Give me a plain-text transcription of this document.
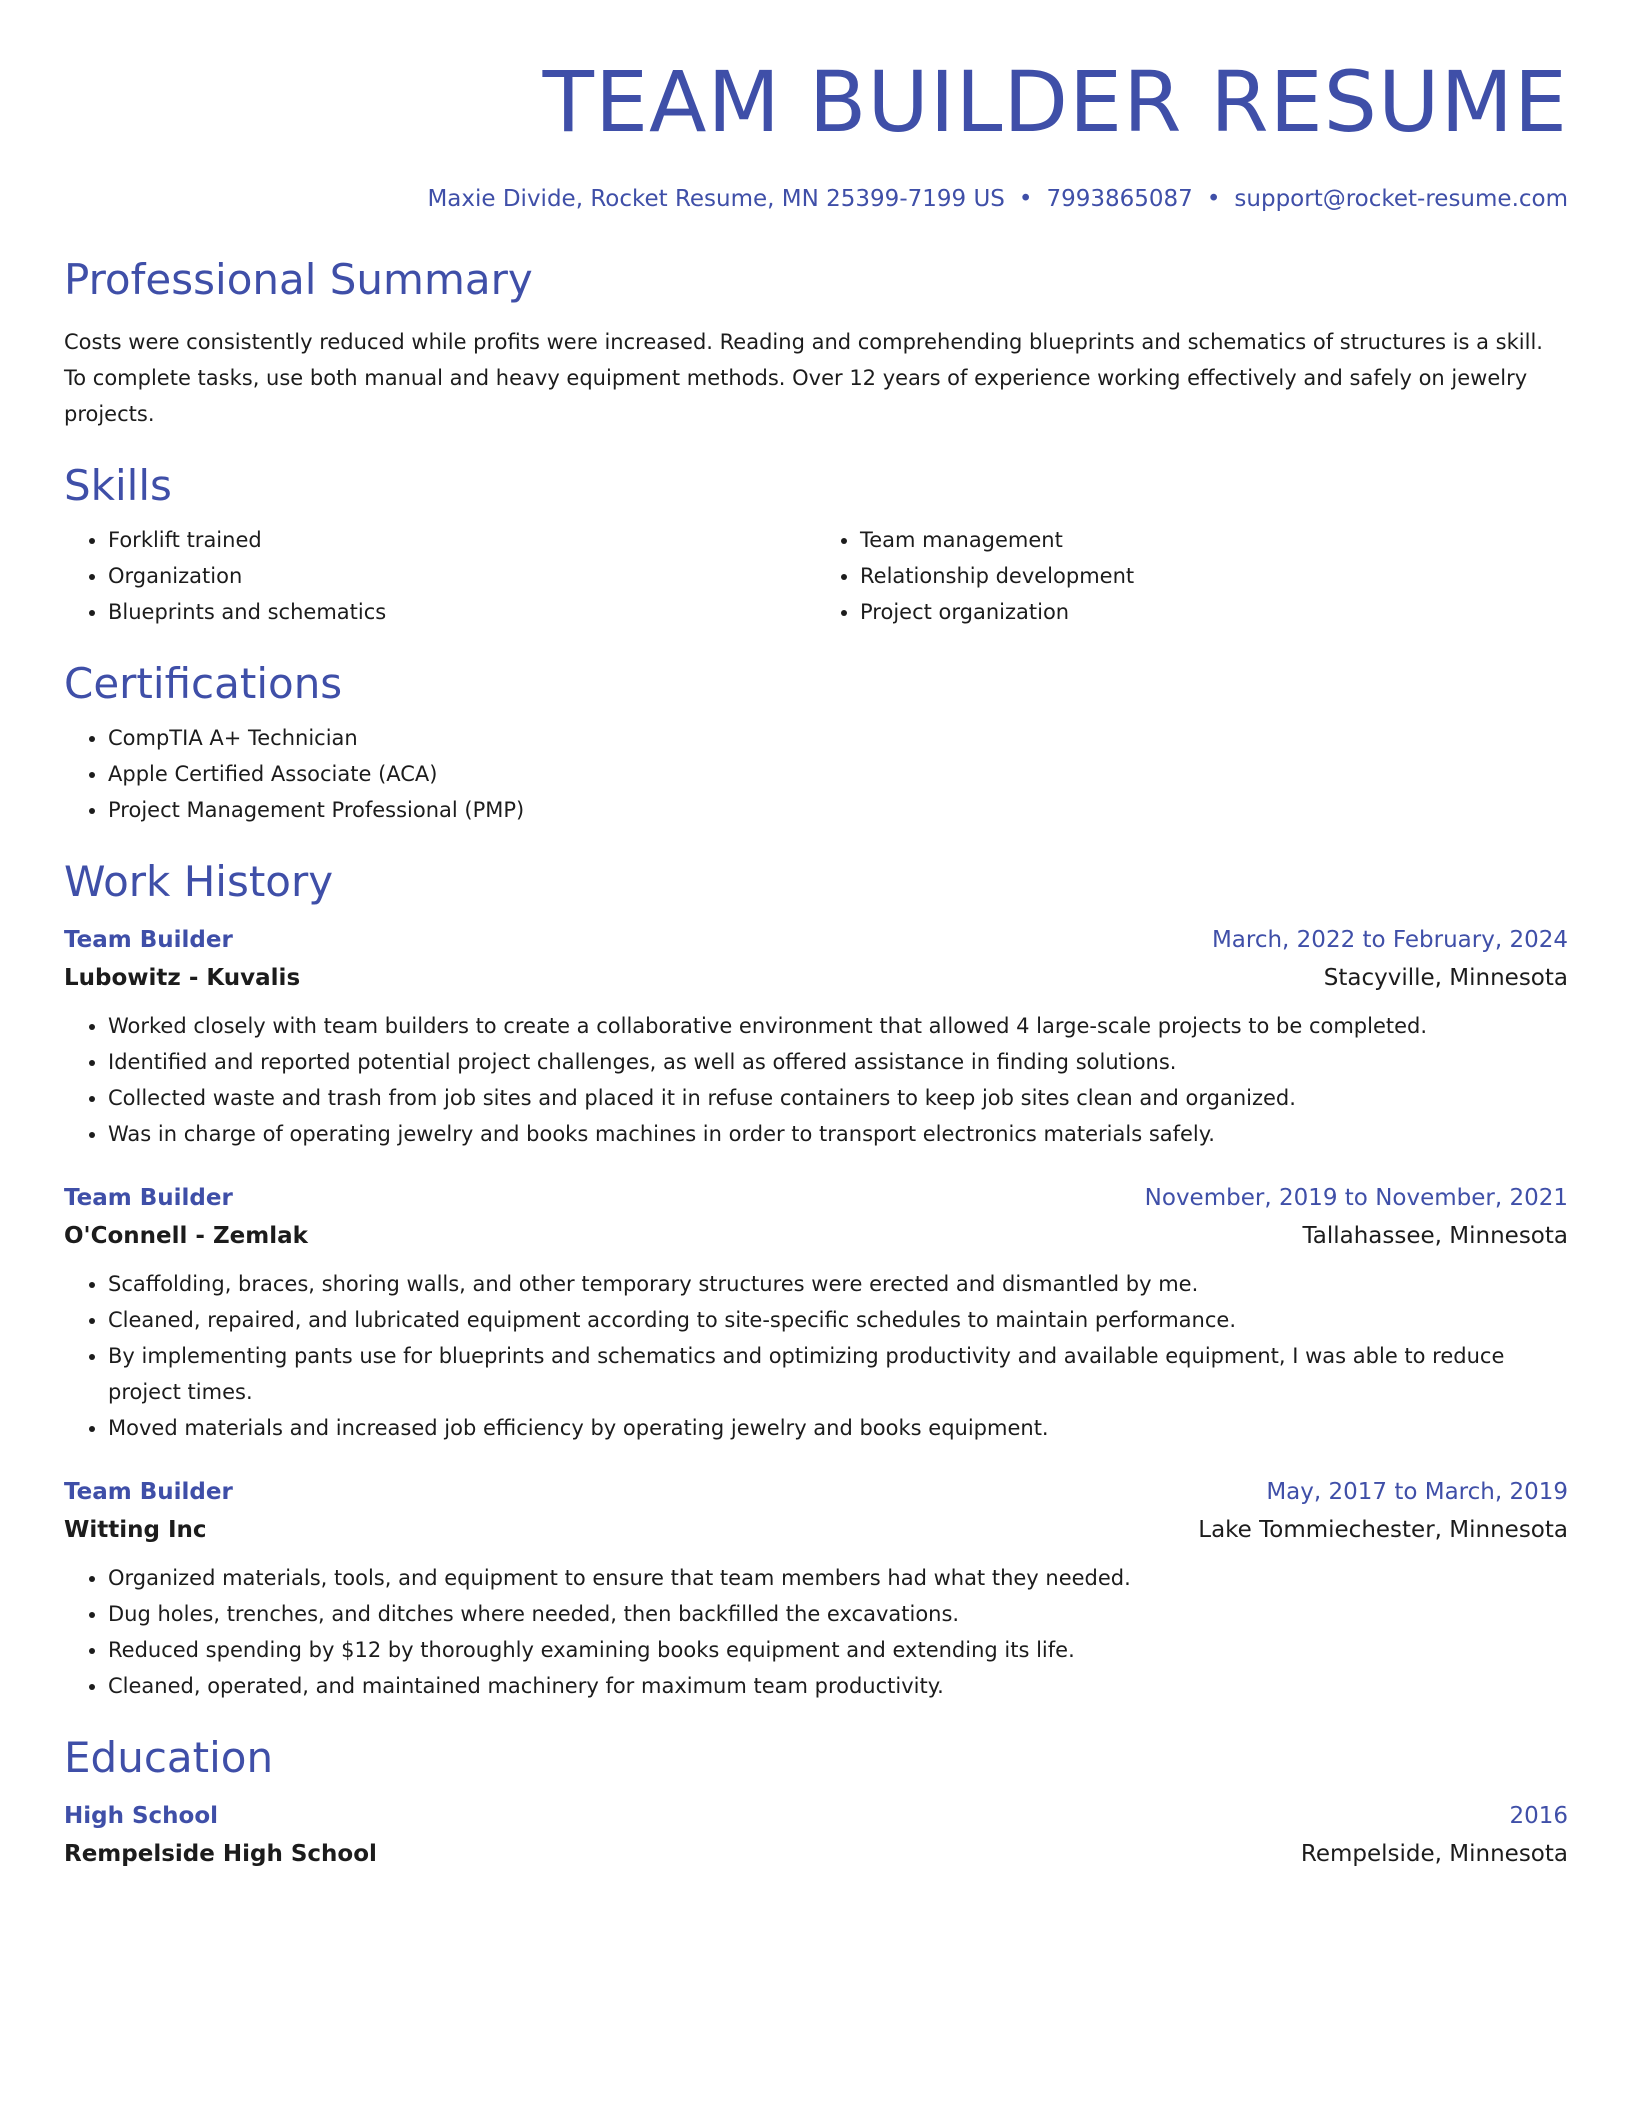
TEAM BUILDER RESUME
Maxie Divide, Rocket Resume, MN 25399-7199 US • 7993865087 • support@rocket-resume.com
Professional Summary
Costs were consistently reduced while profits were increased. Reading and comprehending blueprints and schematics of structures is a skill. To complete tasks, use both manual and heavy equipment methods. Over 12 years of experience working effectively and safely on jewelry projects.
Skills
• Forklift trained
• Organization
• Blueprints and schematics
• Team management
• Relationship development
• Project organization
Certifications
• CompTIA A+ Technician
• Apple Certified Associate (ACA)
• Project Management Professional (PMP)
Work History
Team Builder	March, 2022 to February, 2024
Lubowitz - Kuvalis	Stacyville, Minnesota
• Worked closely with team builders to create a collaborative environment that allowed 4 large-scale projects to be completed.
• Identified and reported potential project challenges, as well as offered assistance in finding solutions.
• Collected waste and trash from job sites and placed it in refuse containers to keep job sites clean and organized.
• Was in charge of operating jewelry and books machines in order to transport electronics materials safely.
Team Builder	November, 2019 to November, 2021
O'Connell - Zemlak	Tallahassee, Minnesota
• Scaffolding, braces, shoring walls, and other temporary structures were erected and dismantled by me.
• Cleaned, repaired, and lubricated equipment according to site-specific schedules to maintain performance.
• By implementing pants use for blueprints and schematics and optimizing productivity and available equipment, I was able to reduce project times.
• Moved materials and increased job efficiency by operating jewelry and books equipment.
Team Builder	May, 2017 to March, 2019
Witting Inc	Lake Tommiechester, Minnesota
• Organized materials, tools, and equipment to ensure that team members had what they needed.
• Dug holes, trenches, and ditches where needed, then backfilled the excavations.
• Reduced spending by $12 by thoroughly examining books equipment and extending its life.
• Cleaned, operated, and maintained machinery for maximum team productivity.
Education
High School	2016
Rempelside High School	Rempelside, Minnesota
